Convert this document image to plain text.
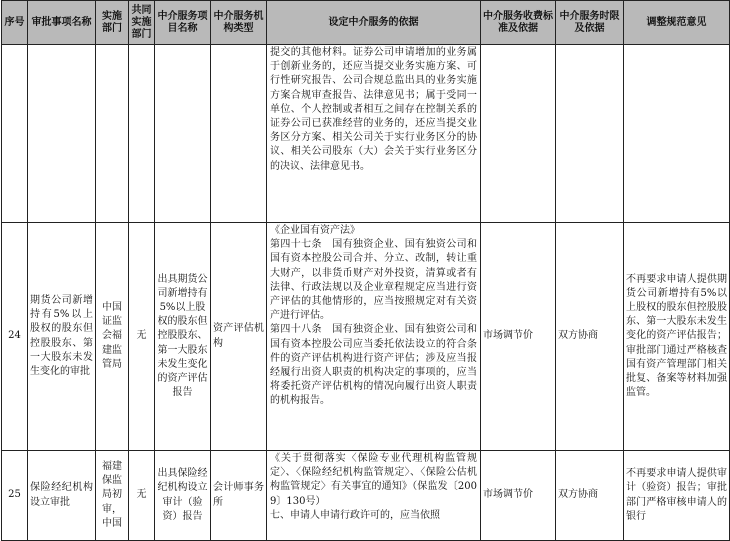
序号	审批事项名称	实施部门	共同实施部门	中介服务项目名称	中介服务机构类型	设定中介服务的依据	中介服务收费标准及依据	中介服务时限及依据	调整规范意见

						提交的其他材料。证券公司申请增加的业务属于创新业务的，还应当提交业务实施方案、可行性研究报告、公司合规总监出具的业务实施方案合规审查报告、法律意见书；属于受同一单位、个人控制或者相互之间存在控制关系的证券公司已获准经营的业务的，还应当提交业务区分方案、相关公司关于实行业务区分的协议、相关公司股东（大）会关于实行业务区分的决议、法律意见书。			

24	期货公司新增持有5%以上股权的股东但控股股东、第一大股东未发生变化的审批	中国证监会福建监管局	无	出具期货公司新增持有5%以上股权的股东但控股股东、第一大股东未发生变化的资产评估报告	资产评估机构	《企业国有资产法》

第四十七条　国有独资企业、国有独资公司和国有资本控股公司合并、分立、改制，转让重大财产，以非货币财产对外投资，清算或者有法律、行政法规以及企业章程规定应当进行资产评估的其他情形的，应当按照规定对有关资产进行评估。

第四十八条　国有独资企业、国有独资公司和国有资本控股公司应当委托依法设立的符合条件的资产评估机构进行资产评估；涉及应当报经履行出资人职责的机构决定的事项的，应当将委托资产评估机构的情况向履行出资人职责的机构报告。	市场调节价	双方协商	不再要求申请人提供期货公司新增持有5%以上股权的股东但控股股东、第一大股东未发生变化的资产评估报告；审批部门通过严格核查国有资产管理部门相关批复、备案等材料加强监管。
25	保险经纪机构设立审批	福建保监局初审，中国	无	出具保险经纪机构设立审计（验资）报告	会计师事务所	《关于贯彻落实〈保险专业代理机构监管规定〉、〈保险经纪机构监管规定〉、〈保险公估机构监管规定〉有关事宜的通知》（保监发〔2009〕130号）

七、申请人申请行政许可的，应当依照	市场调节价	双方协商	不再要求申请人提供审计（验资）报告；审批部门严格审核申请人的银行
